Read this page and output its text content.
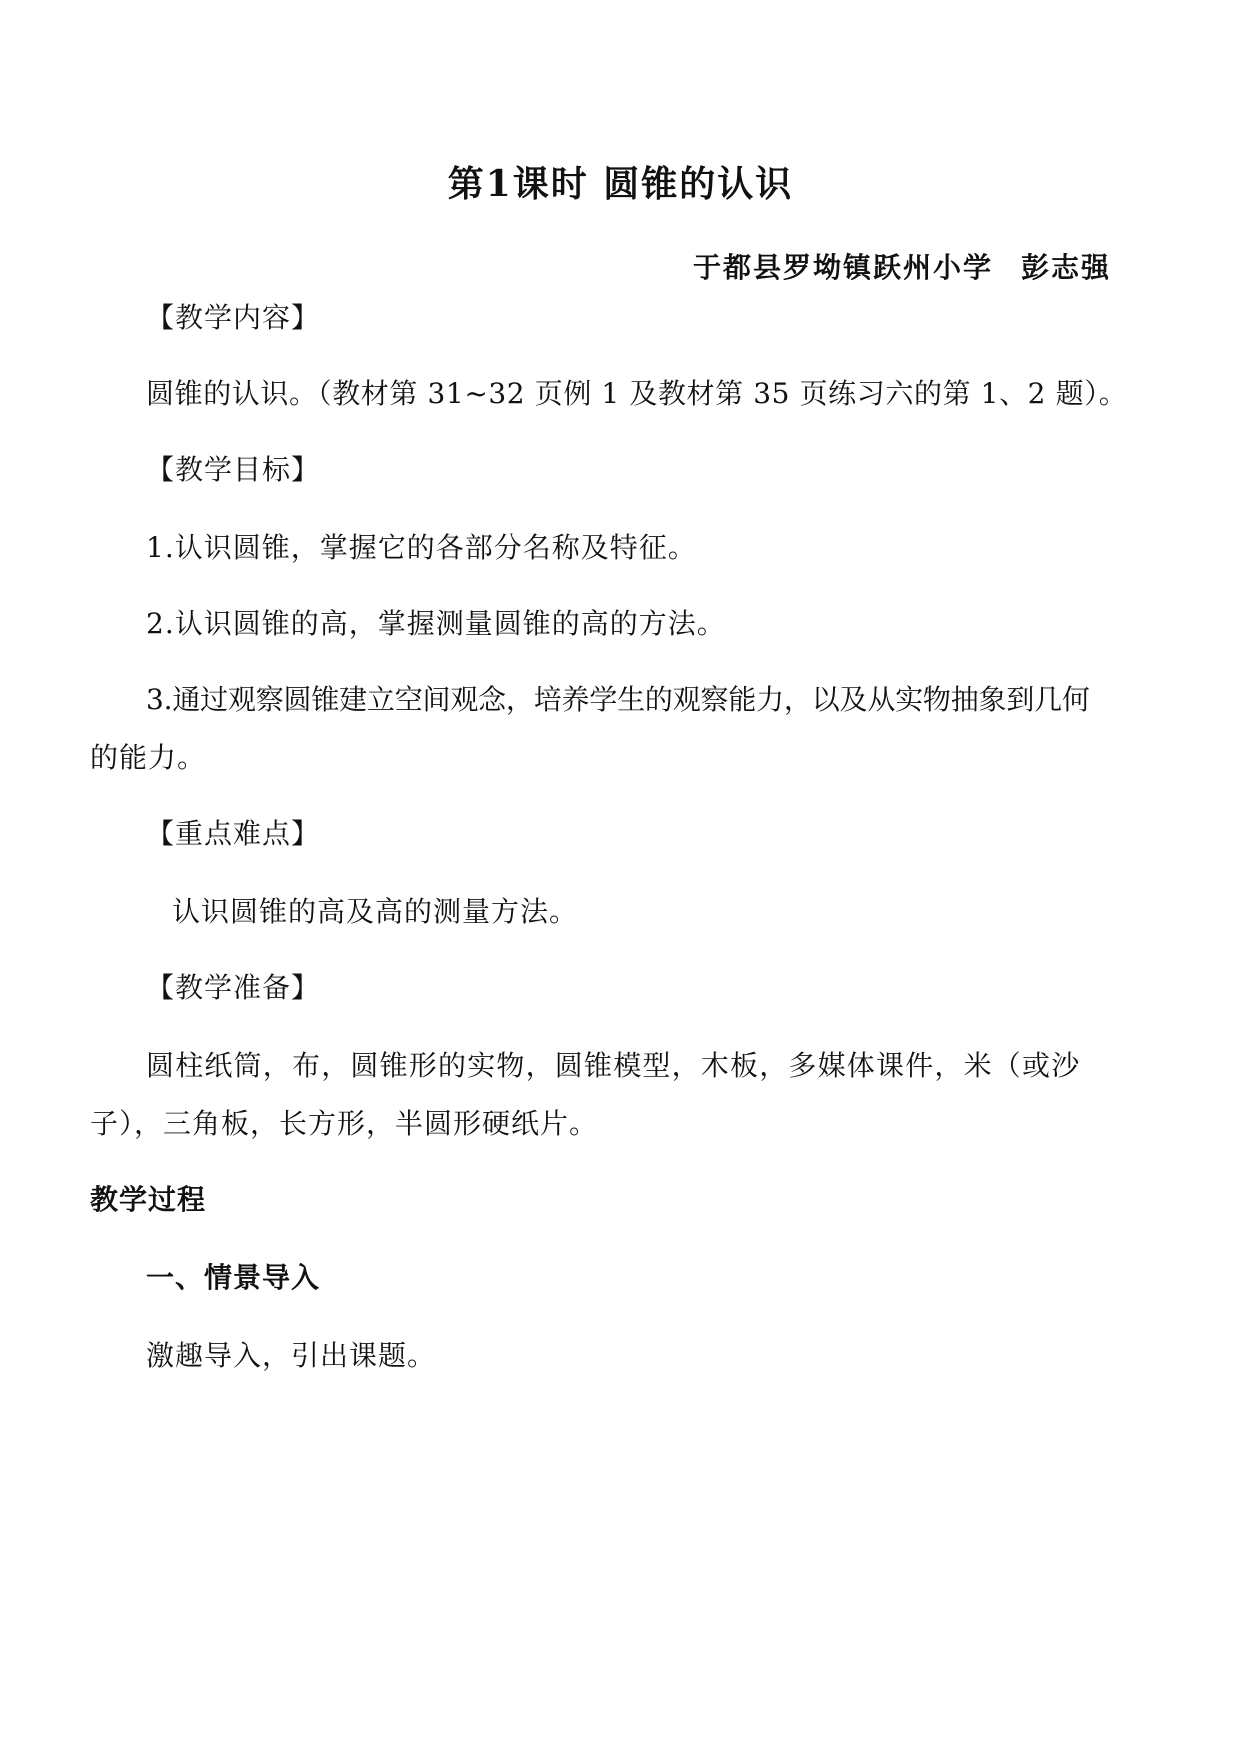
第1课时 圆锥的认识
于都县罗坳镇跃州小学 彭志强
【教学内容】
圆锥的认识。（教材第 31~32 页例 1 及教材第 35 页练习六的第 1、2 题）。
【教学目标】
1.认识圆锥，掌握它的各部分名称及特征。
2.认识圆锥的高，掌握测量圆锥的高的方法。
3.通过观察圆锥建立空间观念，培养学生的观察能力，以及从实物抽象到几何
的能力。
【重点难点】
认识圆锥的高及高的测量方法。
【教学准备】
圆柱纸筒，布，圆锥形的实物，圆锥模型，木板，多媒体课件，米（或沙
子），三角板，长方形，半圆形硬纸片。
教学过程
一、情景导入
激趣导入，引出课题。
